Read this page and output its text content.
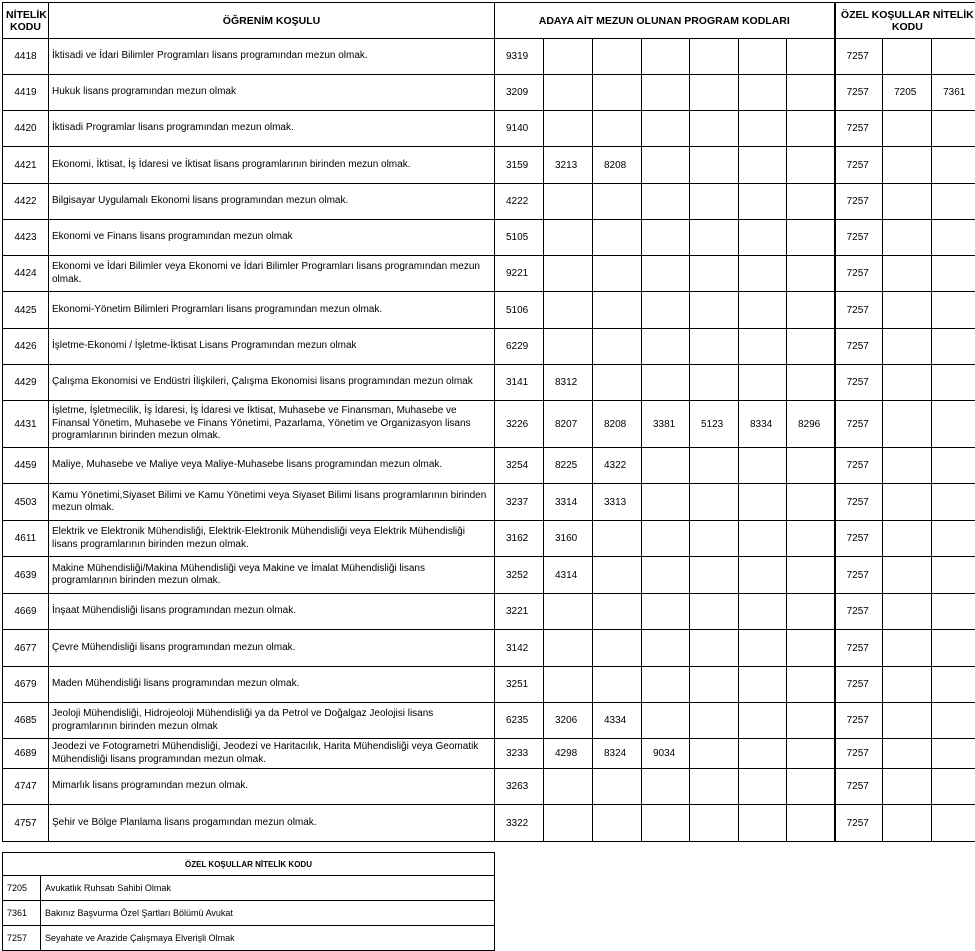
NİTELİK KODU	ÖĞRENİM KOŞULU	ADAYA AİT MEZUN OLUNAN PROGRAM KODLARI							ÖZEL KOŞULLAR NİTELİK KODU		
4418	İktisadi ve İdari Bilimler Programları lisans programından mezun olmak.	9319							7257		
4419	Hukuk lisans programından mezun olmak	3209							7257	7205	7361
4420	İktisadi Programlar lisans programından mezun olmak.	9140							7257		
4421	Ekonomi, İktisat, İş İdaresi ve İktisat lisans programlarının birinden mezun olmak.	3159	3213	8208					7257		
4422	Bilgisayar Uygulamalı Ekonomi lisans programından mezun olmak.	4222							7257		
4423	Ekonomi ve Finans lisans programından mezun olmak	5105							7257		
4424	Ekonomi ve İdari Bilimler veya Ekonomi ve İdari Bilimler Programları lisans programından mezun olmak.	9221							7257		
4425	Ekonomi-Yönetim Bilimleri Programları lisans programından mezun olmak.	5106							7257		
4426	İşletme-Ekonomi / İşletme-İktisat Lisans Programından mezun olmak	6229							7257		
4429	Çalışma Ekonomisi ve Endüstri İlişkileri, Çalışma Ekonomisi lisans programından mezun olmak	3141	8312						7257		
4431	İşletme, İşletmecilik, İş İdaresi, İş İdaresi ve İktisat, Muhasebe ve Finansman, Muhasebe ve Finansal Yönetim, Muhasebe ve Finans Yönetimi, Pazarlama, Yönetim ve Organizasyon lisans programlarının birinden mezun olmak.	3226	8207	8208	3381	5123	8334	8296	7257		
4459	Maliye, Muhasebe ve Maliye veya Maliye-Muhasebe lisans programından mezun olmak.	3254	8225	4322					7257		
4503	Kamu Yönetimi,Siyaset Bilimi ve Kamu Yönetimi veya Siyaset Bilimi lisans programlarının birinden mezun olmak.	3237	3314	3313					7257		
4611	Elektrik ve Elektronik Mühendisliği, Elektrik-Elektronik Mühendisliği veya Elektrik Mühendisliği lisans programlarının birinden mezun olmak.	3162	3160						7257		
4639	Makine Mühendisliği/Makina Mühendisliği veya Makine ve İmalat Mühendisliği lisans programlarının birinden mezun olmak.	3252	4314						7257		
4669	İnşaat Mühendisliği lisans programından mezun olmak.	3221							7257		
4677	Çevre Mühendisliği lisans programından mezun olmak.	3142							7257		
4679	Maden Mühendisliği lisans programından mezun olmak.	3251							7257		
4685	Jeoloji Mühendisliği, Hidrojeoloji Mühendisliği ya da Petrol ve Doğalgaz Jeolojisi lisans programlarının birinden mezun olmak	6235	3206	4334					7257		
4689	Jeodezi ve Fotogrametri Mühendisliği, Jeodezi ve Haritacılık, Harita Mühendisliği veya Geomatik Mühendisliği lisans programından mezun olmak.	3233	4298	8324	9034				7257		
4747	Mimarlık lisans programından mezun olmak.	3263							7257		
4757	Şehir ve Bölge Planlama lisans progamından mezun olmak.	3322							7257		
ÖZEL KOŞULLAR NİTELİK KODU	
7205	Avukatlık Ruhsatı Sahibi Olmak
7361	Bakınız Başvurma Özel Şartları Bölümü Avukat
7257	Seyahate ve Arazide Çalışmaya Elverişli Olmak
